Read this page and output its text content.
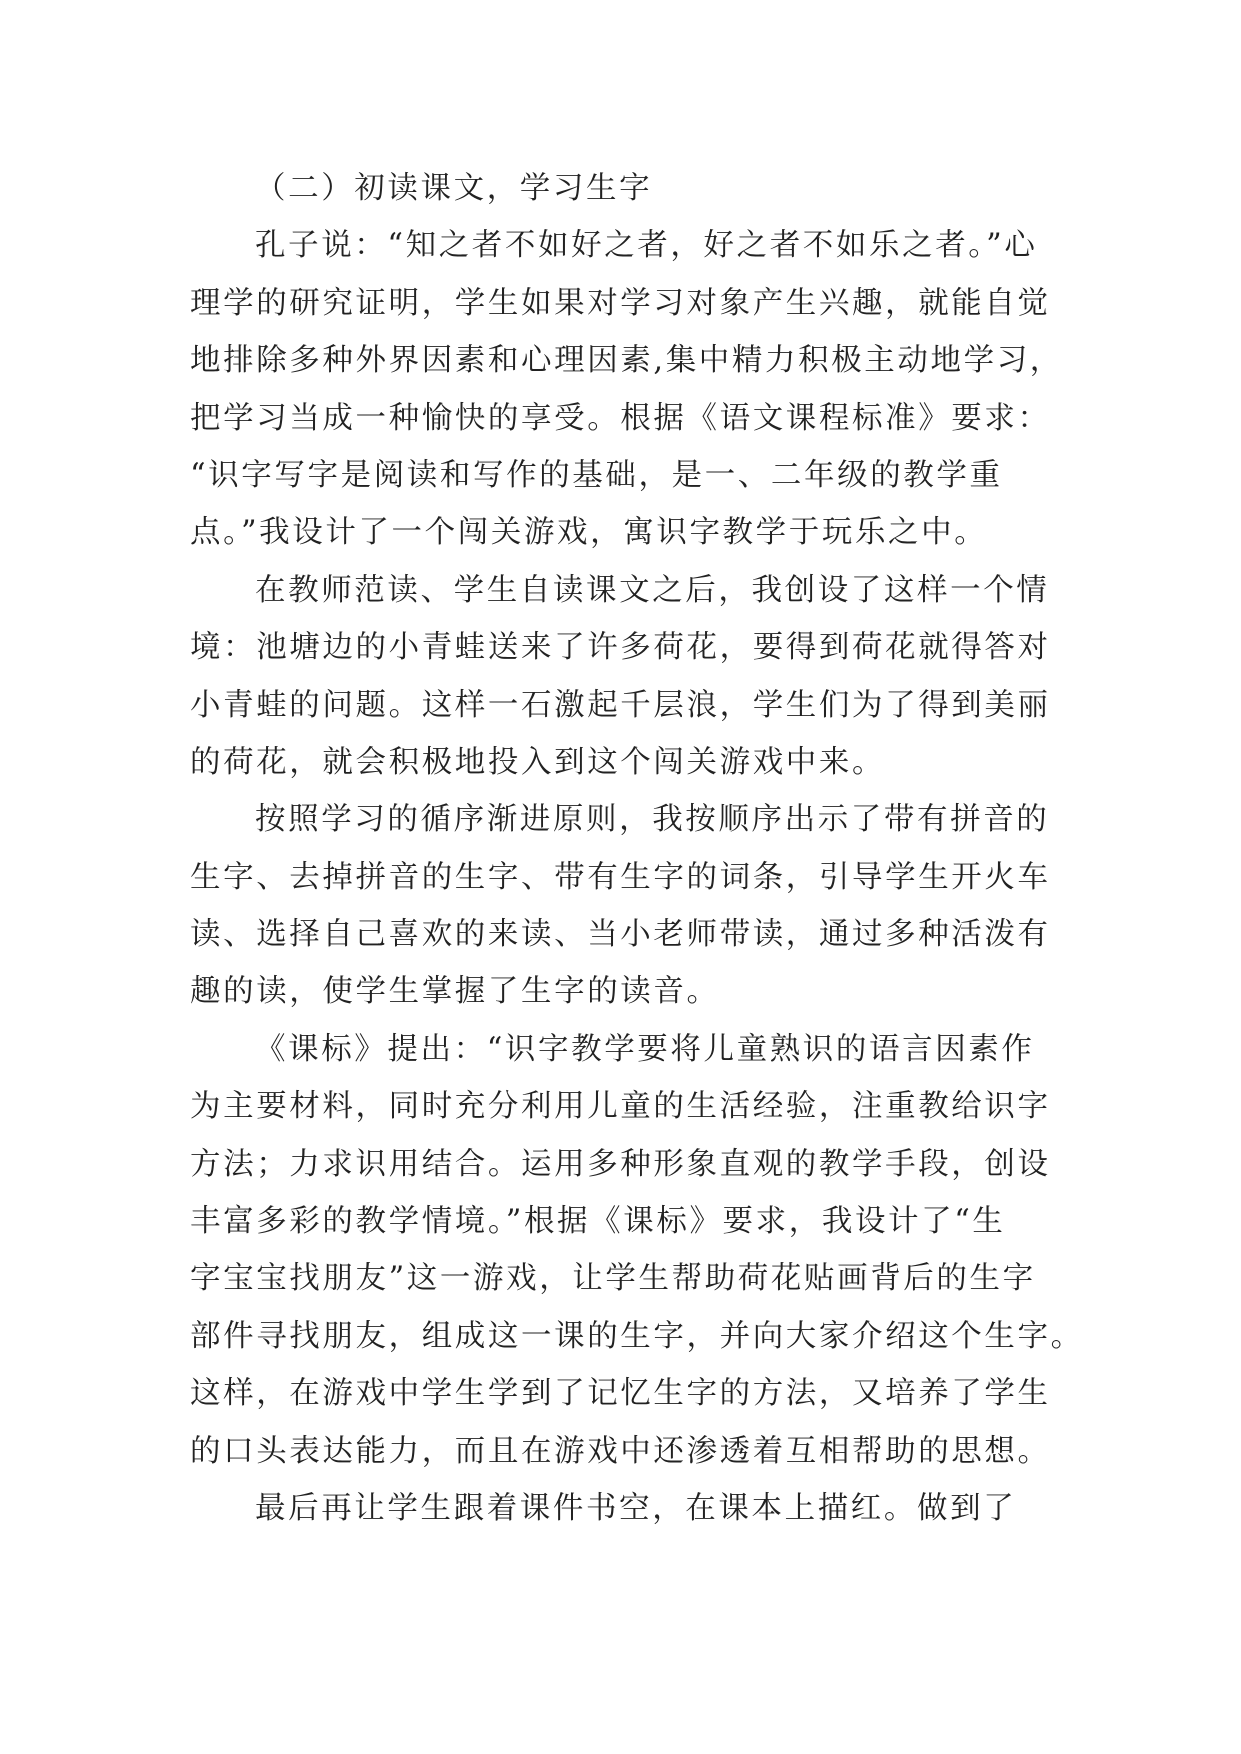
（二）初读课文，学习生字
孔子说：“知之者不如好之者，好之者不如乐之者。”心
理学的研究证明，学生如果对学习对象产生兴趣，就能自觉
地排除多种外界因素和心理因素,集中精力积极主动地学习，
把学习当成一种愉快的享受。根据《语文课程标准》要求：
“识字写字是阅读和写作的基础，是一、二年级的教学重
点。”我设计了一个闯关游戏，寓识字教学于玩乐之中。
在教师范读、学生自读课文之后，我创设了这样一个情
境：池塘边的小青蛙送来了许多荷花，要得到荷花就得答对
小青蛙的问题。这样一石激起千层浪，学生们为了得到美丽
的荷花，就会积极地投入到这个闯关游戏中来。
按照学习的循序渐进原则，我按顺序出示了带有拼音的
生字、去掉拼音的生字、带有生字的词条，引导学生开火车
读、选择自己喜欢的来读、当小老师带读，通过多种活泼有
趣的读，使学生掌握了生字的读音。
《课标》提出：“识字教学要将儿童熟识的语言因素作
为主要材料，同时充分利用儿童的生活经验，注重教给识字
方法；力求识用结合。运用多种形象直观的教学手段，创设
丰富多彩的教学情境。”根据《课标》要求，我设计了“生
字宝宝找朋友”这一游戏，让学生帮助荷花贴画背后的生字
部件寻找朋友，组成这一课的生字，并向大家介绍这个生字。
这样，在游戏中学生学到了记忆生字的方法，又培养了学生
的口头表达能力，而且在游戏中还渗透着互相帮助的思想。
最后再让学生跟着课件书空，在课本上描红。做到了
